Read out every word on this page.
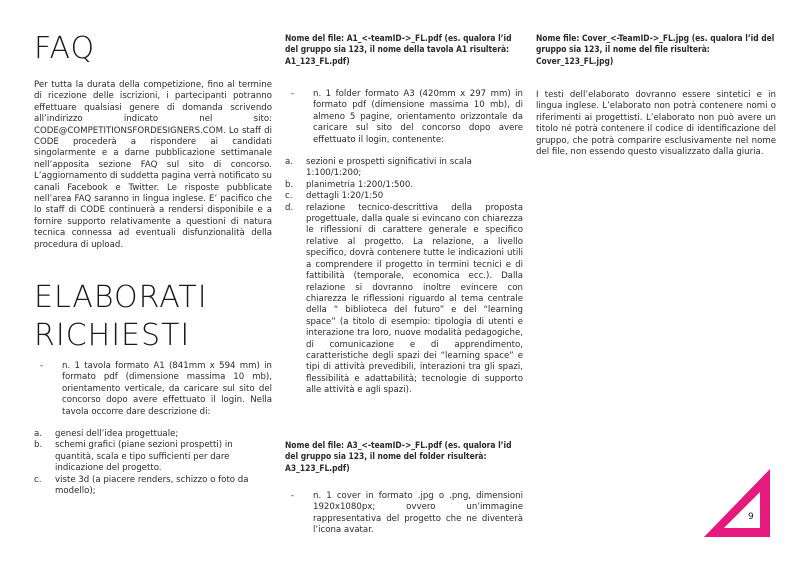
FAQ

Per tutta la durata della competizione, fino al termine di ricezione delle iscrizioni, i partecipanti potranno effettuare qualsiasi genere di domanda scrivendo all’indirizzo indicato nel sito: CODE@COMPETITIONSFORDESIGNERS.COM. Lo staff di CODE procederà a rispondere ai candidati singolarmente e a darne pubblicazione settimanale nell’apposita sezione FAQ sul sito di concorso. L’aggiornamento di suddetta pagina verrà notificato su canali Facebook e Twitter. Le risposte pubblicate nell’area FAQ saranno in lingua inglese. E’ pacifico che lo staff di CODE continuerà a rendersi disponibile e a fornire supporto relativamente a questioni di natura tecnica connessa ad eventuali disfunzionalità della procedura di upload.

ELABORATI
RICHIESTI
- n. 1 tavola formato A1 (841mm x 594 mm) in formato pdf (dimensione massima 10 mb), orientamento verticale, da caricare sul sito del concorso dopo avere effettuato il login. Nella tavola occorre dare descrizione di:
a. genesi dell’idea progettuale;
b. schemi grafici (piane sezioni prospetti) in quantità, scala e tipo sufficienti per dare indicazione del progetto.
c. viste 3d (a piacere renders, schizzo o foto da modello);

Nome del file: A1_<-teamID->_FL.pdf (es. qualora l’id del gruppo sia 123, il nome della tavola A1 risulterà: A1_123_FL.pdf)

- n. 1 folder formato A3 (420mm x 297 mm) in formato pdf (dimensione massima 10 mb), di almeno 5 pagine, orientamento orizzontale da caricare sul sito del concorso dopo avere effettuato il login, contenente:
a. sezioni e prospetti significativi in scala 1:100/1:200;
b. planimetria 1:200/1:500.
c. dettagli 1:20/1:50
d. relazione tecnico-descrittiva della proposta progettuale, dalla quale si evincano con chiarezza le riflessioni di carattere generale e specifico relative al progetto. La relazione, a livello specifico, dovrà contenere tutte le indicazioni utili a comprendere il progetto in termini tecnici e di fattibilità (temporale, economica ecc.). Dalla relazione si dovranno inoltre evincere con chiarezza le riflessioni riguardo al tema centrale della “ biblioteca del futuro” e del “learning space” (a titolo di esempio: tipologia di utenti e interazione tra loro, nuove modalità pedagogiche, di comunicazione e di apprendimento, caratteristiche degli spazi dei “learning space” e tipi di attività prevedibili, interazioni tra gli spazi, flessibilità e adattabilità; tecnologie di supporto alle attività e agli spazi).

Nome del file: A3_<-teamID->_FL.pdf (es. qualora l’id del gruppo sia 123, il nome del folder risulterà: A3_123_FL.pdf)

- n. 1 cover in formato .jpg o .png, dimensioni 1920x1080px; ovvero un’immagine rappresentativa del progetto che ne diventerà l’icona avatar.

Nome file: Cover_<-TeamID->_FL.jpg (es. qualora l’id del gruppo sia 123, il nome del file risulterà: Cover_123_FL.jpg)

I testi dell’elaborato dovranno essere sintetici e in lingua inglese. L’elaborato non potrà contenere nomi o riferimenti ai progettisti. L’elaborato non può avere un titolo né potrà contenere il codice di identificazione del gruppo, che potrà comparire esclusivamente nel nome del file, non essendo questo visualizzato dalla giuria.

9
